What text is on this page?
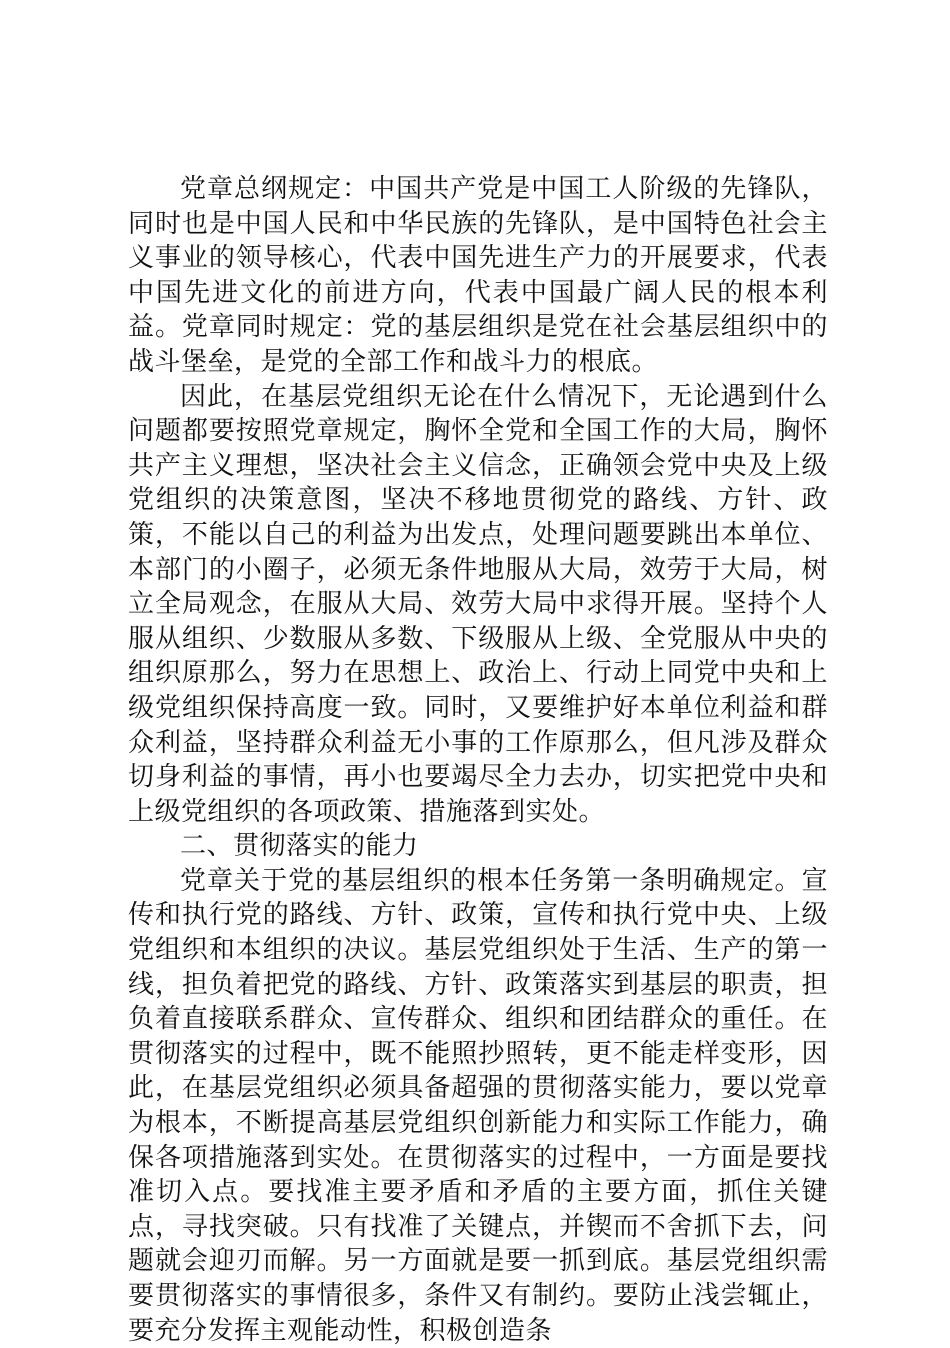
党章总纲规定：中国共产党是中国工人阶级的先锋队，同时也是中国人民和中华民族的先锋队，是中国特色社会主义事业的领导核心，代表中国先进生产力的开展要求，代表中国先进文化的前进方向，代表中国最广阔人民的根本利益。党章同时规定：党的基层组织是党在社会基层组织中的战斗堡垒，是党的全部工作和战斗力的根底。

因此，在基层党组织无论在什么情况下，无论遇到什么问题都要按照党章规定，胸怀全党和全国工作的大局，胸怀共产主义理想，坚决社会主义信念，正确领会党中央及上级党组织的决策意图，坚决不移地贯彻党的路线、方针、政策，不能以自己的利益为出发点，处理问题要跳出本单位、本部门的小圈子，必须无条件地服从大局，效劳于大局，树立全局观念，在服从大局、效劳大局中求得开展。坚持个人服从组织、少数服从多数、下级服从上级、全党服从中央的组织原那么，努力在思想上、政治上、行动上同党中央和上级党组织保持高度一致。同时，又要维护好本单位利益和群众利益，坚持群众利益无小事的工作原那么，但凡涉及群众切身利益的事情，再小也要竭尽全力去办，切实把党中央和上级党组织的各项政策、措施落到实处。

二、贯彻落实的能力

党章关于党的基层组织的根本任务第一条明确规定。宣传和执行党的路线、方针、政策，宣传和执行党中央、上级党组织和本组织的决议。基层党组织处于生活、生产的第一线，担负着把党的路线、方针、政策落实到基层的职责，担负着直接联系群众、宣传群众、组织和团结群众的重任。在贯彻落实的过程中，既不能照抄照转，更不能走样变形，因此，在基层党组织必须具备超强的贯彻落实能力，要以党章为根本，不断提高基层党组织创新能力和实际工作能力，确保各项措施落到实处。在贯彻落实的过程中，一方面是要找准切入点。要找准主要矛盾和矛盾的主要方面，抓住关键点，寻找突破。只有找准了关键点，并锲而不舍抓下去，问题就会迎刃而解。另一方面就是要一抓到底。基层党组织需要贯彻落实的事情很多，条件又有制约。要防止浅尝辄止，要充分发挥主观能动性，积极创造条
